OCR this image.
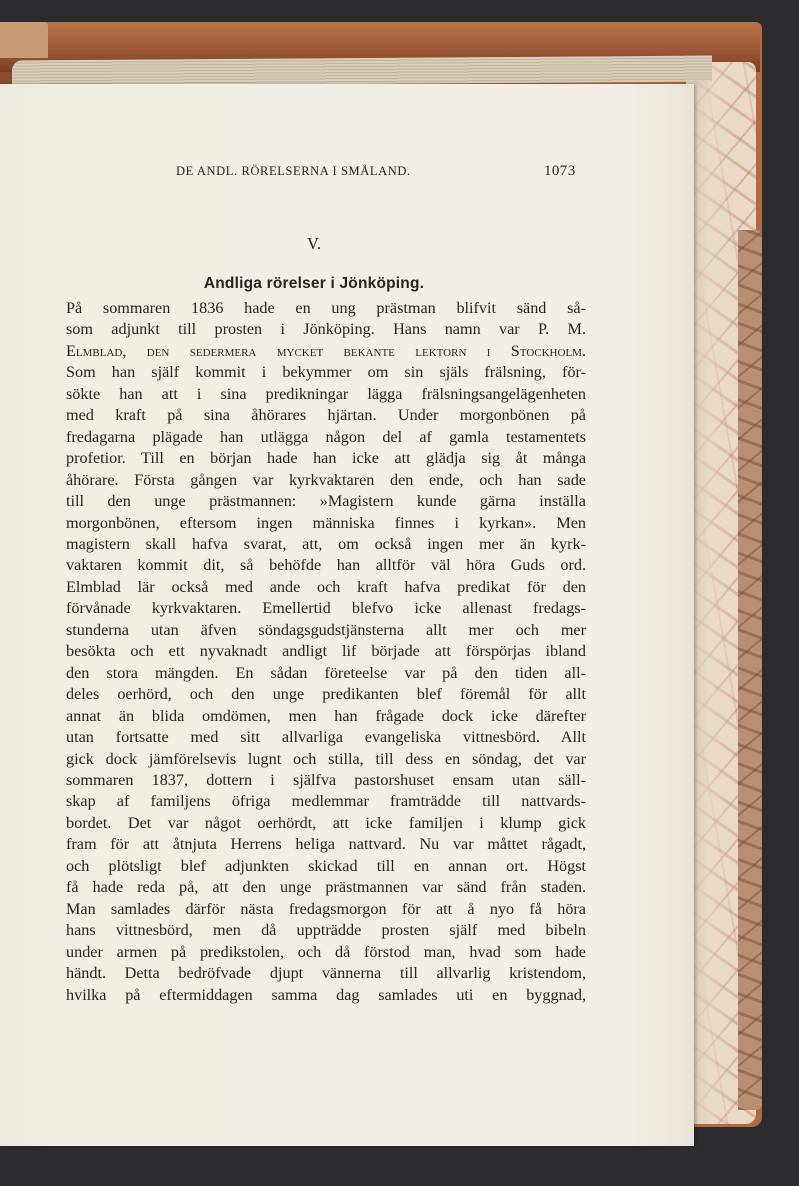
DE ANDL. RÖRELSERNA I SMÅLAND.	1073
V.
Andliga rörelser i Jönköping.
På sommaren 1836 hade en ung prästman blifvit sänd så-
som adjunkt till prosten i Jönköping. Hans namn var P. M.
Elmblad, den sedermera mycket bekante lektorn i Stockholm.
Som han själf kommit i bekymmer om sin själs frälsning, för-
sökte han att i sina predikningar lägga frälsningsangelägenheten
med kraft på sina åhörares hjärtan. Under morgonbönen på
fredagarna plägade han utlägga någon del af gamla testamentets
profetior. Till en början hade han icke att glädja sig åt många
åhörare. Första gången var kyrkvaktaren den ende, och han sade
till den unge prästmannen: »Magistern kunde gärna inställa
morgonbönen, eftersom ingen människa finnes i kyrkan». Men
magistern skall hafva svarat, att, om också ingen mer än kyrk-
vaktaren kommit dit, så behöfde han alltför väl höra Guds ord.
Elmblad lär också med ande och kraft hafva predikat för den
förvånade kyrkvaktaren. Emellertid blefvo icke allenast fredags-
stunderna utan äfven söndagsgudstjänsterna allt mer och mer
besökta och ett nyvaknadt andligt lif började att förspörjas ibland
den stora mängden. En sådan företeelse var på den tiden all-
deles oerhörd, och den unge predikanten blef föremål för allt
annat än blida omdömen, men han frågade dock icke därefter
utan fortsatte med sitt allvarliga evangeliska vittnesbörd. Allt
gick dock jämförelsevis lugnt och stilla, till dess en söndag, det var
sommaren 1837, dottern i själfva pastorshuset ensam utan säll-
skap af familjens öfriga medlemmar framträdde till nattvards-
bordet. Det var något oerhördt, att icke familjen i klump gick
fram för att åtnjuta Herrens heliga nattvard. Nu var måttet rågadt,
och plötsligt blef adjunkten skickad till en annan ort. Högst
få hade reda på, att den unge prästmannen var sänd från staden.
Man samlades därför nästa fredagsmorgon för att å nyo få höra
hans vittnesbörd, men då uppträdde prosten själf med bibeln
under armen på predikstolen, och då förstod man, hvad som hade
händt. Detta bedröfvade djupt vännerna till allvarlig kristendom,
hvilka på eftermiddagen samma dag samlades uti en byggnad,
